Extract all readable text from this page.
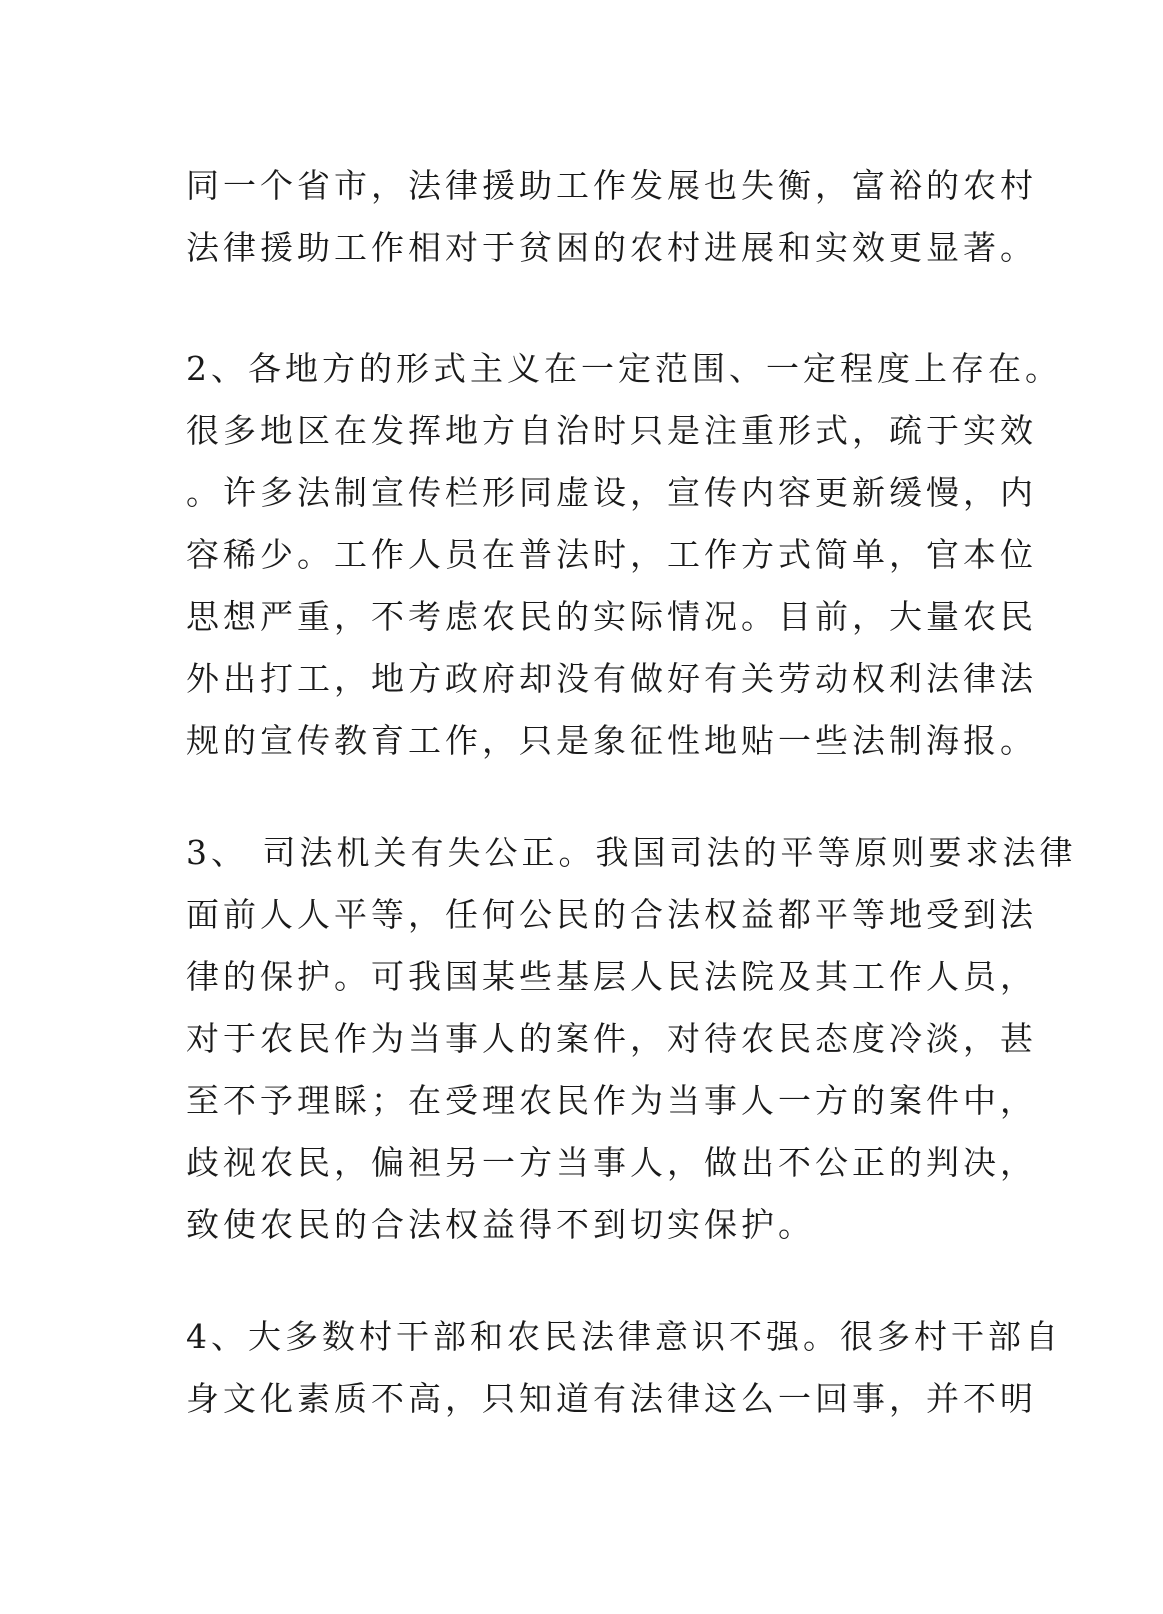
同一个省市，法律援助工作发展也失衡，富裕的农村
法律援助工作相对于贫困的农村进展和实效更显著。
2、各地方的形式主义在一定范围、一定程度上存在。
很多地区在发挥地方自治时只是注重形式，疏于实效
。许多法制宣传栏形同虚设，宣传内容更新缓慢，内
容稀少。工作人员在普法时，工作方式简单，官本位
思想严重，不考虑农民的实际情况。目前，大量农民
外出打工，地方政府却没有做好有关劳动权利法律法
规的宣传教育工作，只是象征性地贴一些法制海报。
3、 司法机关有失公正。我国司法的平等原则要求法律
面前人人平等，任何公民的合法权益都平等地受到法
律的保护。可我国某些基层人民法院及其工作人员，
对于农民作为当事人的案件，对待农民态度冷淡，甚
至不予理睬；在受理农民作为当事人一方的案件中，
歧视农民，偏袒另一方当事人，做出不公正的判决，
致使农民的合法权益得不到切实保护。
4、大多数村干部和农民法律意识不强。很多村干部自
身文化素质不高，只知道有法律这么一回事，并不明
